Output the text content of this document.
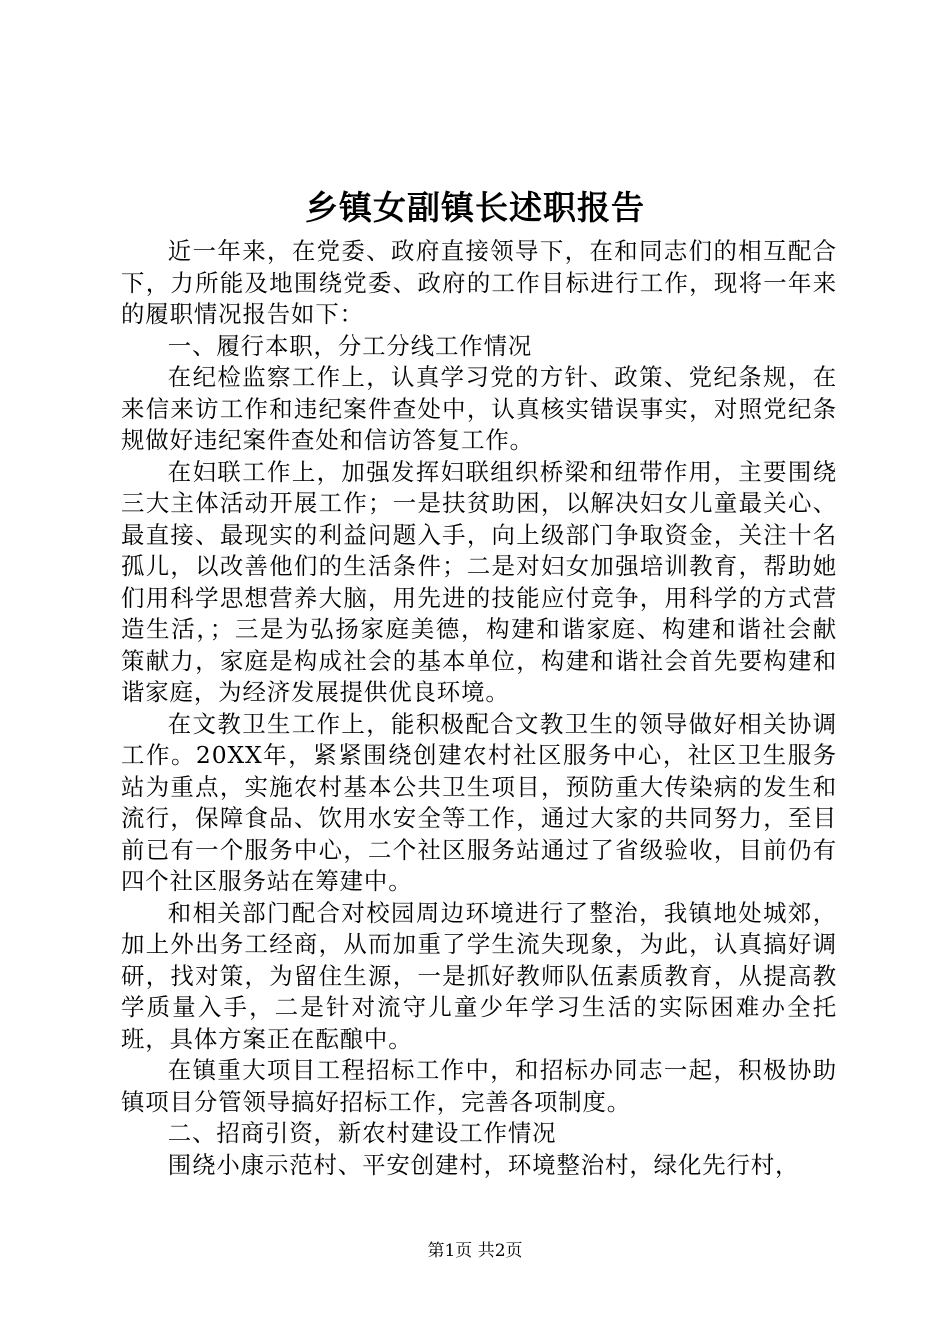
乡镇女副镇长述职报告

近一年来，在党委、政府直接领导下，在和同志们的相互配合下，力所能及地围绕党委、政府的工作目标进行工作，现将一年来的履职情况报告如下：

一、履行本职，分工分线工作情况

在纪检监察工作上，认真学习党的方针、政策、党纪条规，在来信来访工作和违纪案件查处中，认真核实错误事实，对照党纪条规做好违纪案件查处和信访答复工作。

在妇联工作上，加强发挥妇联组织桥梁和纽带作用，主要围绕三大主体活动开展工作；一是扶贫助困，以解决妇女儿童最关心、最直接、最现实的利益问题入手，向上级部门争取资金，关注十名孤儿，以改善他们的生活条件；二是对妇女加强培训教育，帮助她们用科学思想营养大脑，用先进的技能应付竞争，用科学的方式营造生活，；三是为弘扬家庭美德，构建和谐家庭、构建和谐社会献策献力，家庭是构成社会的基本单位，构建和谐社会首先要构建和谐家庭，为经济发展提供优良环境。

在文教卫生工作上，能积极配合文教卫生的领导做好相关协调工作。20XX年，紧紧围绕创建农村社区服务中心，社区卫生服务站为重点，实施农村基本公共卫生项目，预防重大传染病的发生和流行，保障食品、饮用水安全等工作，通过大家的共同努力，至目前已有一个服务中心，二个社区服务站通过了省级验收，目前仍有四个社区服务站在筹建中。

和相关部门配合对校园周边环境进行了整治，我镇地处城郊，加上外出务工经商，从而加重了学生流失现象，为此，认真搞好调研，找对策，为留住生源，一是抓好教师队伍素质教育，从提高教学质量入手，二是针对流守儿童少年学习生活的实际困难办全托班，具体方案正在酝酿中。

在镇重大项目工程招标工作中，和招标办同志一起，积极协助镇项目分管领导搞好招标工作，完善各项制度。

二、招商引资，新农村建设工作情况

围绕小康示范村、平安创建村，环境整治村，绿化先行村，

第1页 共2页
